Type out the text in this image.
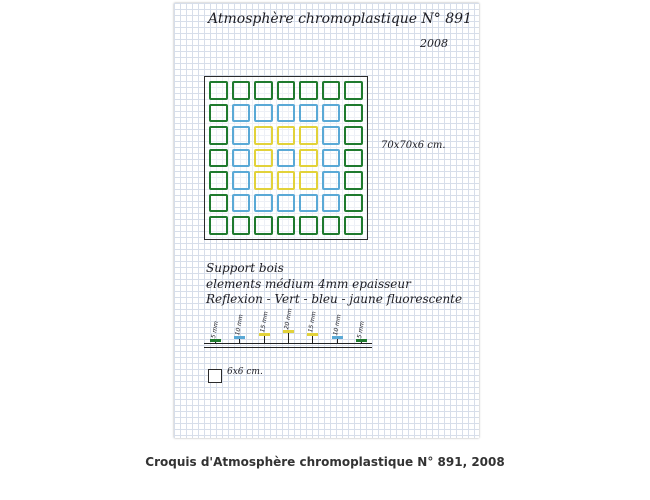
Atmosphère chromoplastique N° 891
2008
70x70x6 cm.
Support bois
elements médium 4mm epaisseur
Reflexion - Vert - bleu - jaune fluorescente
5 mm 10 mm 15 mm 20 mm 15 mm 10 mm 5 mm
6x6 cm.
Croquis d'Atmosphère chromoplastique N° 891, 2008
